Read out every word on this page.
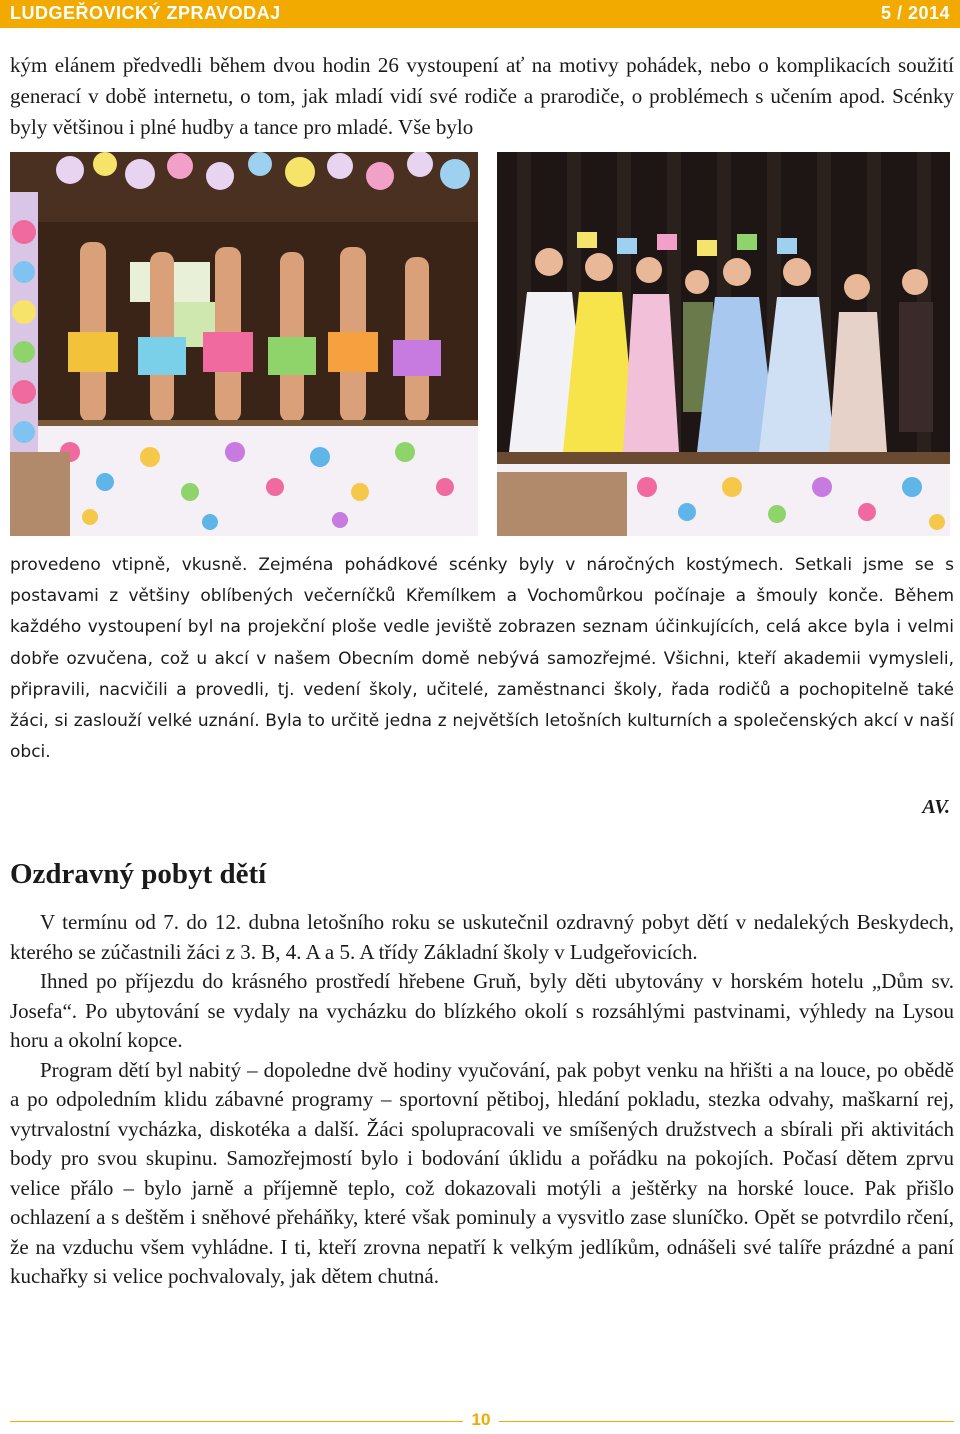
LUDGEŘOVICKÝ ZPRAVODAJ	5 / 2014

kým elánem předvedli během dvou hodin 26 vystoupení ať na motivy pohádek, nebo o komplikacích soužití generací v době internetu, o tom, jak mladí vidí své rodiče a prarodiče, o problémech s učením apod. Scénky byly většinou i plné hudby a tance pro mladé. Vše bylo

provedeno vtipně, vkusně. Zejména pohádkové scénky byly v náročných kostýmech. Setkali jsme se s postavami z většiny oblíbených večerníčků Křemílkem a Vochomůrkou počínaje a šmouly konče. Během každého vystoupení byl na projekční ploše vedle jeviště zobrazen seznam účinkujících, celá akce byla i velmi dobře ozvučena, což u akcí v našem Obecním domě nebývá samozřejmé. Všichni, kteří akademii vymysleli, připravili, nacvičili a provedli, tj. vedení školy, učitelé, zaměstnanci školy, řada rodičů a pochopitelně také žáci, si zaslouží velké uznání. Byla to určitě jedna z největších letošních kulturních a společenských akcí v naší obci.

AV.
Ozdravný pobyt dětí

V termínu od 7. do 12. dubna letošního roku se uskutečnil ozdravný pobyt dětí v nedalekých Beskydech, kterého se zúčastnili žáci z 3. B, 4. A a 5. A třídy Základní školy v Ludgeřovicích.

Ihned po příjezdu do krásného prostředí hřebene Gruň, byly děti ubytovány v horském hotelu „Dům sv. Josefa“. Po ubytování se vydaly na vycházku do blízkého okolí s rozsáhlými pastvinami, výhledy na Lysou horu a okolní kopce.

Program dětí byl nabitý – dopoledne dvě hodiny vyučování, pak pobyt venku na hřišti a na louce, po obědě a po odpoledním klidu zábavné programy – sportovní pětiboj, hledání pokladu, stezka odvahy, maškarní rej, vytrvalostní vycházka, diskotéka a další. Žáci spolupracovali ve smíšených družstvech a sbírali při aktivitách body pro svou skupinu. Samozřejmostí bylo i bodování úklidu a pořádku na pokojích. Počasí dětem zprvu velice přálo – bylo jarně a příjemně teplo, což dokazovali motýli a ještěrky na horské louce. Pak přišlo ochlazení a s deštěm i sněhové přeháňky, které však pominuly a vysvitlo zase sluníčko. Opět se potvrdilo rčení, že na vzduchu všem vyhládne. I ti, kteří zrovna nepatří k velkým jedlíkům, odnášeli své talíře prázdné a paní kuchařky si velice pochvalovaly, jak dětem chutná.

10
